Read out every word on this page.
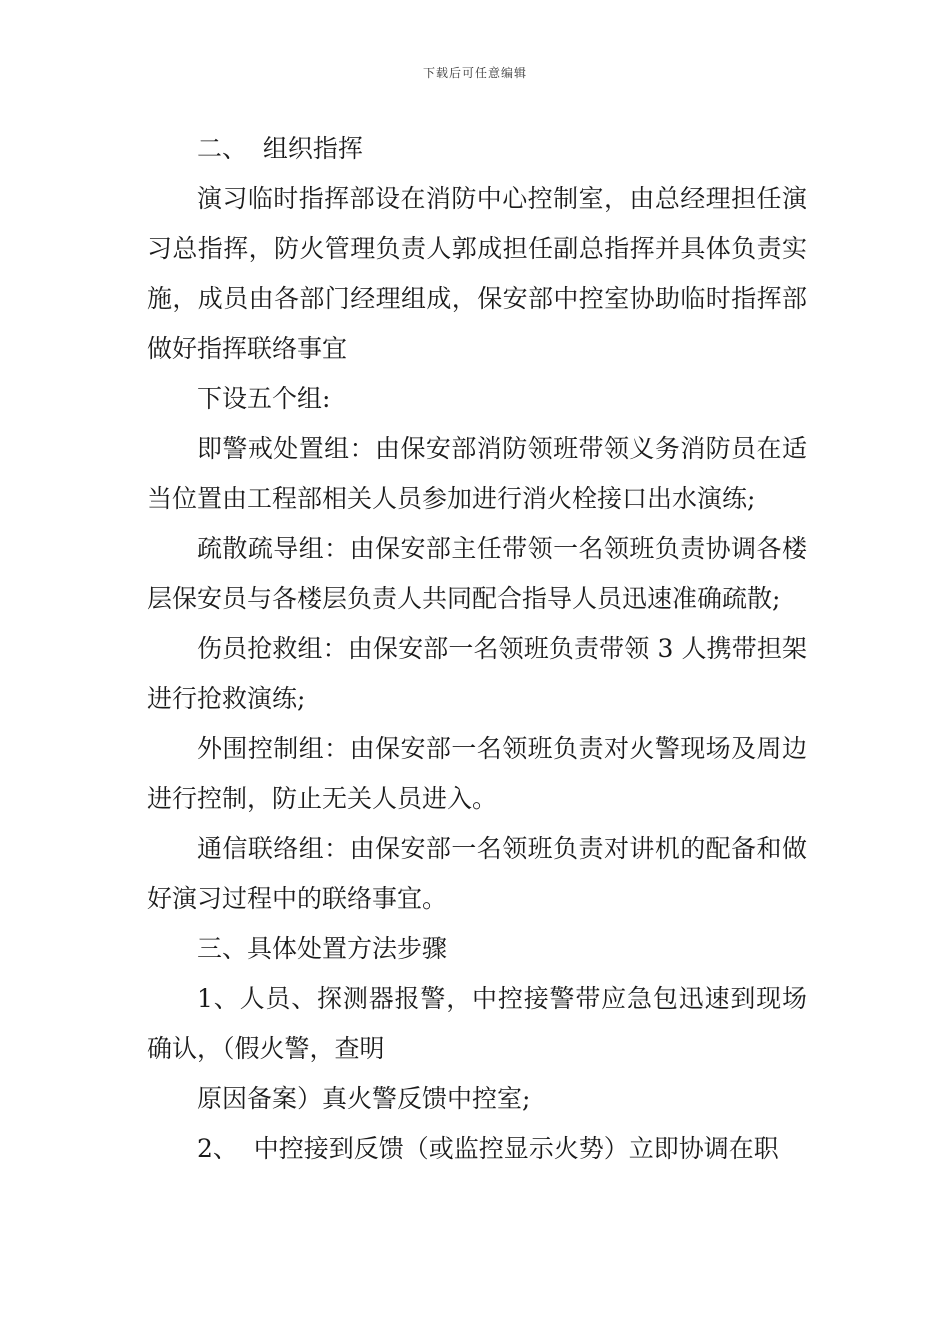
下载后可任意编辑

二、  组织指挥

演习临时指挥部设在消防中心控制室，由总经理担任演习总指挥，防火管理负责人郭成担任副总指挥并具体负责实施，成员由各部门经理组成，保安部中控室协助临时指挥部做好指挥联络事宜

下设五个组:

即警戒处置组：由保安部消防领班带领义务消防员在适当位置由工程部相关人员参加进行消火栓接口出水演练;

疏散疏导组：由保安部主任带领一名领班负责协调各楼层保安员与各楼层负责人共同配合指导人员迅速准确疏散;

伤员抢救组：由保安部一名领班负责带领 3 人携带担架进行抢救演练;

外围控制组：由保安部一名领班负责对火警现场及周边进行控制，防止无关人员进入。

通信联络组：由保安部一名领班负责对讲机的配备和做好演习过程中的联络事宜。

三、具体处置方法步骤

1、人员、探测器报警，中控接警带应急包迅速到现场确认，（假火警，查明

原因备案）真火警反馈中控室;

2、  中控接到反馈（或监控显示火势）立即协调在职
